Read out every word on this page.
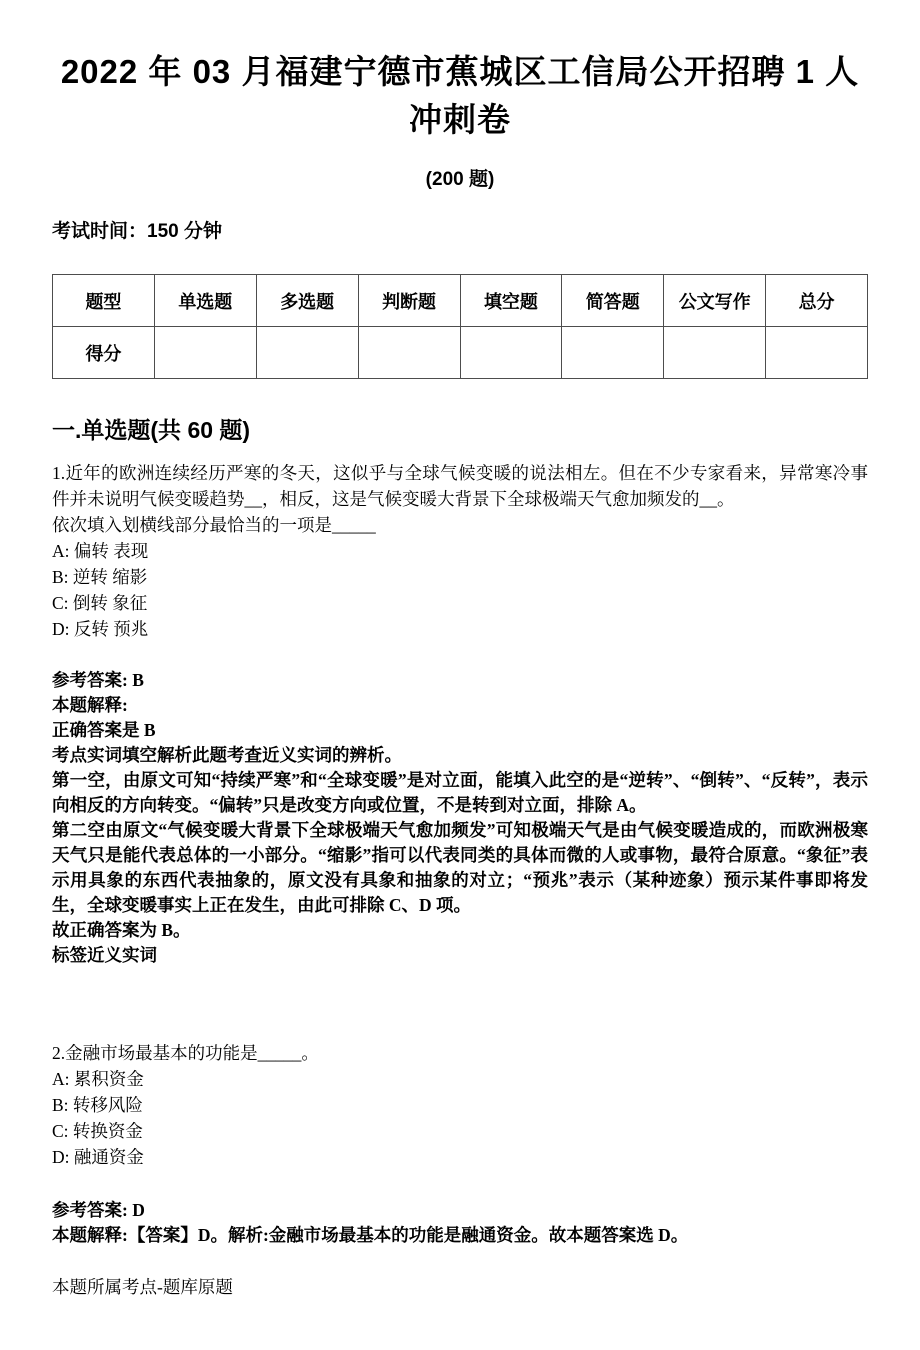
2022 年 03 月福建宁德市蕉城区工信局公开招聘 1 人
冲刺卷
(200 题)
考试时间：150 分钟
题型	单选题	多选题	判断题	填空题	简答题	公文写作	总分
得分							
一.单选题(共 60 题)
1.近年的欧洲连续经历严寒的冬天，这似乎与全球气候变暖的说法相左。但在不少专家看来，异常寒冷事件并未说明气候变暖趋势__，相反，这是气候变暖大背景下全球极端天气愈加频发的__。
依次填入划横线部分最恰当的一项是_____
A: 偏转 表现
B: 逆转 缩影
C: 倒转 象征
D: 反转 预兆
参考答案: B
本题解释:
正确答案是 B
考点实词填空解析此题考查近义实词的辨析。
第一空，由原文可知“持续严寒”和“全球变暖”是对立面，能填入此空的是“逆转”、“倒转”、“反转”，表示向相反的方向转变。“偏转”只是改变方向或位置，不是转到对立面，排除 A。
第二空由原文“气候变暖大背景下全球极端天气愈加频发”可知极端天气是由气候变暖造成的，而欧洲极寒天气只是能代表总体的一小部分。“缩影”指可以代表同类的具体而微的人或事物，最符合原意。“象征”表示用具象的东西代表抽象的，原文没有具象和抽象的对立；“预兆”表示（某种迹象）预示某件事即将发生，全球变暖事实上正在发生，由此可排除 C、D 项。
故正确答案为 B。
标签近义实词
2.金融市场最基本的功能是_____。
A: 累积资金
B: 转移风险
C: 转换资金
D: 融通资金
参考答案: D
本题解释:【答案】D。解析:金融市场最基本的功能是融通资金。故本题答案选 D。
本题所属考点-题库原题
